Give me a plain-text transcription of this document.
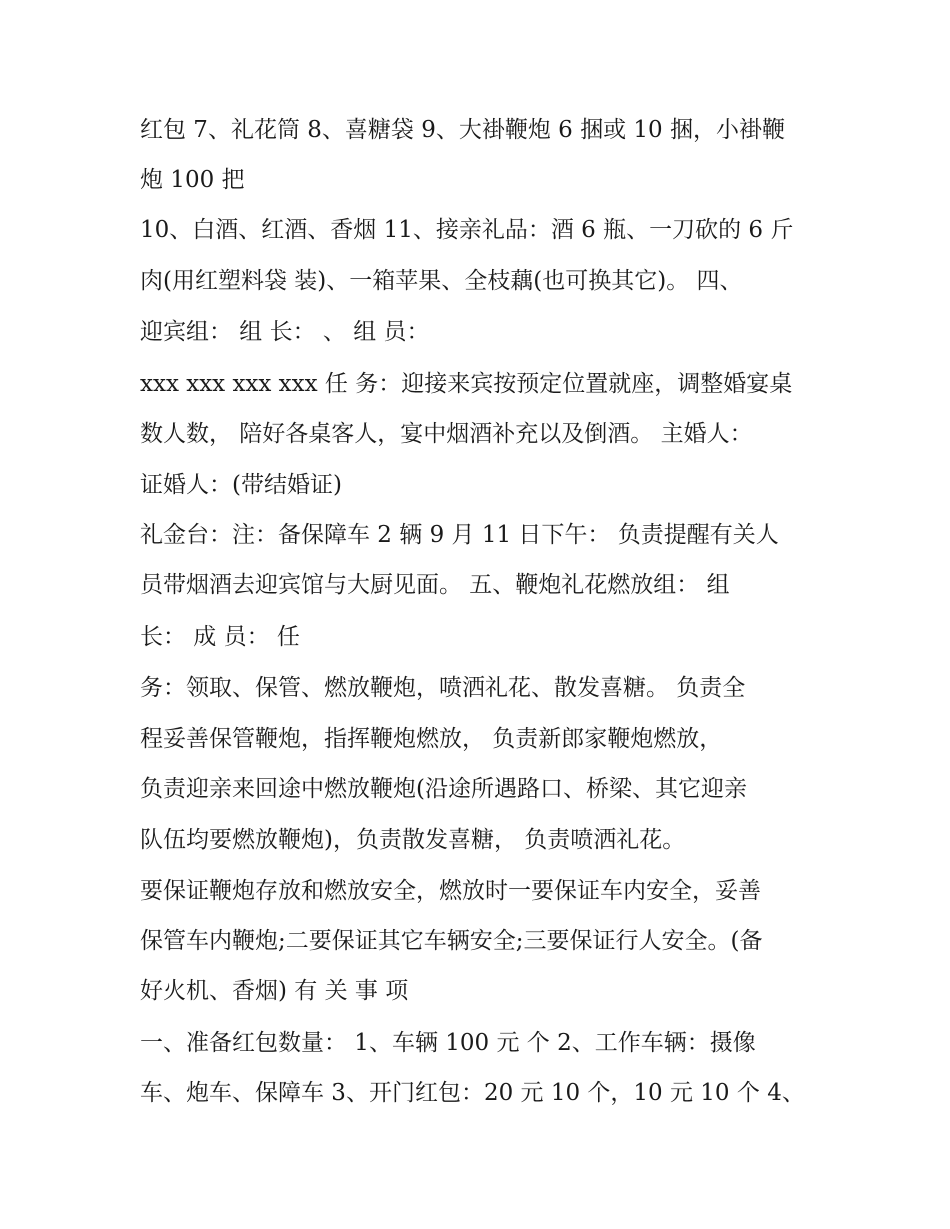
红包 7、礼花筒 8、喜糖袋 9、大褂鞭炮 6 捆或 10 捆，小褂鞭
炮 100 把
10、白酒、红酒、香烟 11、接亲礼品：酒 6 瓶、一刀砍的 6 斤
肉(用红塑料袋 装)、一箱苹果、全枝藕(也可换其它)。 四、
迎宾组： 组 长： 、 组 员：
xxx xxx xxx xxx 任 务：迎接来宾按预定位置就座，调整婚宴桌
数人数， 陪好各桌客人，宴中烟酒补充以及倒酒。 主婚人：
证婚人：(带结婚证)
礼金台：注：备保障车 2 辆 9 月 11 日下午： 负责提醒有关人
员带烟酒去迎宾馆与大厨见面。 五、鞭炮礼花燃放组： 组
长： 成 员： 任
务：领取、保管、燃放鞭炮，喷洒礼花、散发喜糖。 负责全
程妥善保管鞭炮，指挥鞭炮燃放， 负责新郎家鞭炮燃放，
负责迎亲来回途中燃放鞭炮(沿途所遇路口、桥梁、其它迎亲
队伍均要燃放鞭炮)，负责散发喜糖， 负责喷洒礼花。
要保证鞭炮存放和燃放安全，燃放时一要保证车内安全，妥善
保管车内鞭炮;二要保证其它车辆安全;三要保证行人安全。(备
好火机、香烟) 有 关 事 项
一、准备红包数量： 1、车辆 100 元 个 2、工作车辆：摄像
车、炮车、保障车 3、开门红包：20 元 10 个，10 元 10 个 4、
